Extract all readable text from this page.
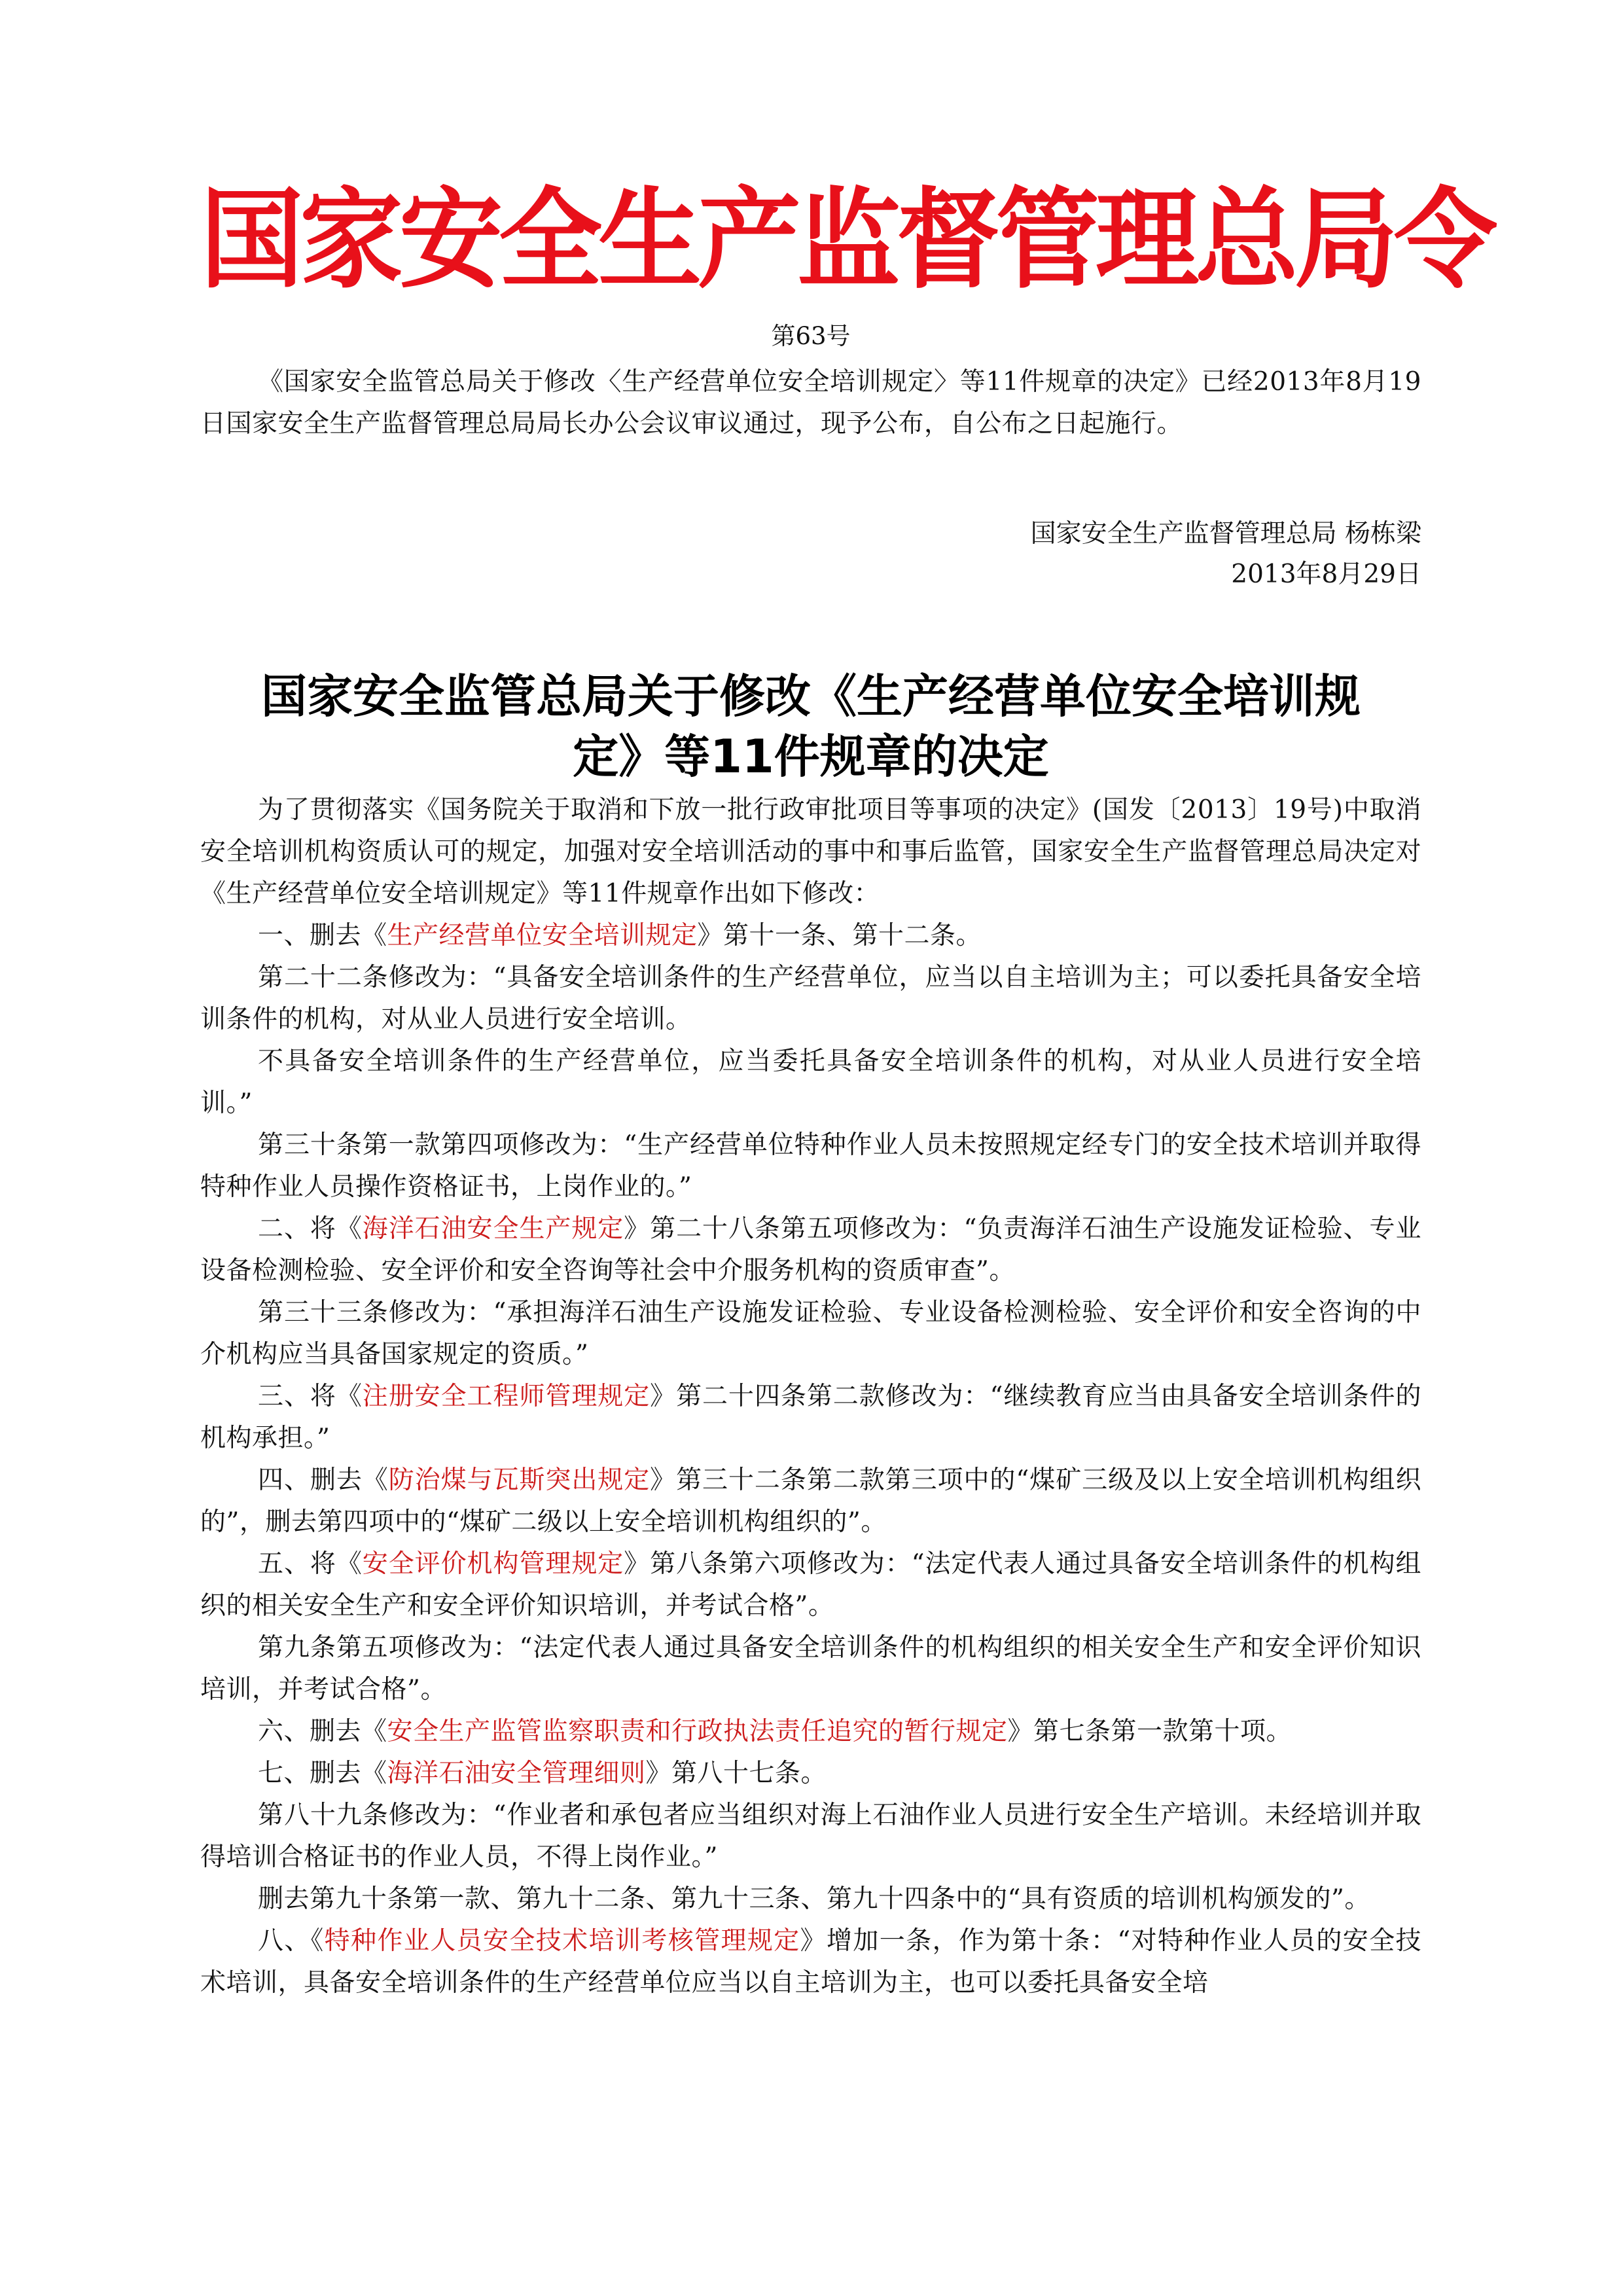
国家安全生产监督管理总局令
第63号

《国家安全监管总局关于修改〈生产经营单位安全培训规定〉等11件规章的决定》已经2013年8月19日国家安全生产监督管理总局局长办公会议审议通过，现予公布，自公布之日起施行。

国家安全生产监督管理总局 杨栋梁
2013年8月29日
国家安全监管总局关于修改《生产经营单位安全培训规
定》等11件规章的决定

为了贯彻落实《国务院关于取消和下放一批行政审批项目等事项的决定》(国发〔2013〕19号)中取消安全培训机构资质认可的规定，加强对安全培训活动的事中和事后监管，国家安全生产监督管理总局决定对《生产经营单位安全培训规定》等11件规章作出如下修改：

一、删去《生产经营单位安全培训规定》第十一条、第十二条。

第二十二条修改为：“具备安全培训条件的生产经营单位，应当以自主培训为主；可以委托具备安全培训条件的机构，对从业人员进行安全培训。

不具备安全培训条件的生产经营单位，应当委托具备安全培训条件的机构，对从业人员进行安全培训。”

第三十条第一款第四项修改为：“生产经营单位特种作业人员未按照规定经专门的安全技术培训并取得特种作业人员操作资格证书，上岗作业的。”

二、将《海洋石油安全生产规定》第二十八条第五项修改为：“负责海洋石油生产设施发证检验、专业设备检测检验、安全评价和安全咨询等社会中介服务机构的资质审查”。

第三十三条修改为：“承担海洋石油生产设施发证检验、专业设备检测检验、安全评价和安全咨询的中介机构应当具备国家规定的资质。”

三、将《注册安全工程师管理规定》第二十四条第二款修改为：“继续教育应当由具备安全培训条件的机构承担。”

四、删去《防治煤与瓦斯突出规定》第三十二条第二款第三项中的“煤矿三级及以上安全培训机构组织的”，删去第四项中的“煤矿二级以上安全培训机构组织的”。

五、将《安全评价机构管理规定》第八条第六项修改为：“法定代表人通过具备安全培训条件的机构组织的相关安全生产和安全评价知识培训，并考试合格”。

第九条第五项修改为：“法定代表人通过具备安全培训条件的机构组织的相关安全生产和安全评价知识培训，并考试合格”。

六、删去《安全生产监管监察职责和行政执法责任追究的暂行规定》第七条第一款第十项。

七、删去《海洋石油安全管理细则》第八十七条。

第八十九条修改为：“作业者和承包者应当组织对海上石油作业人员进行安全生产培训。未经培训并取得培训合格证书的作业人员，不得上岗作业。”

删去第九十条第一款、第九十二条、第九十三条、第九十四条中的“具有资质的培训机构颁发的”。

八、《特种作业人员安全技术培训考核管理规定》增加一条，作为第十条：“对特种作业人员的安全技术培训，具备安全培训条件的生产经营单位应当以自主培训为主，也可以委托具备安全培
